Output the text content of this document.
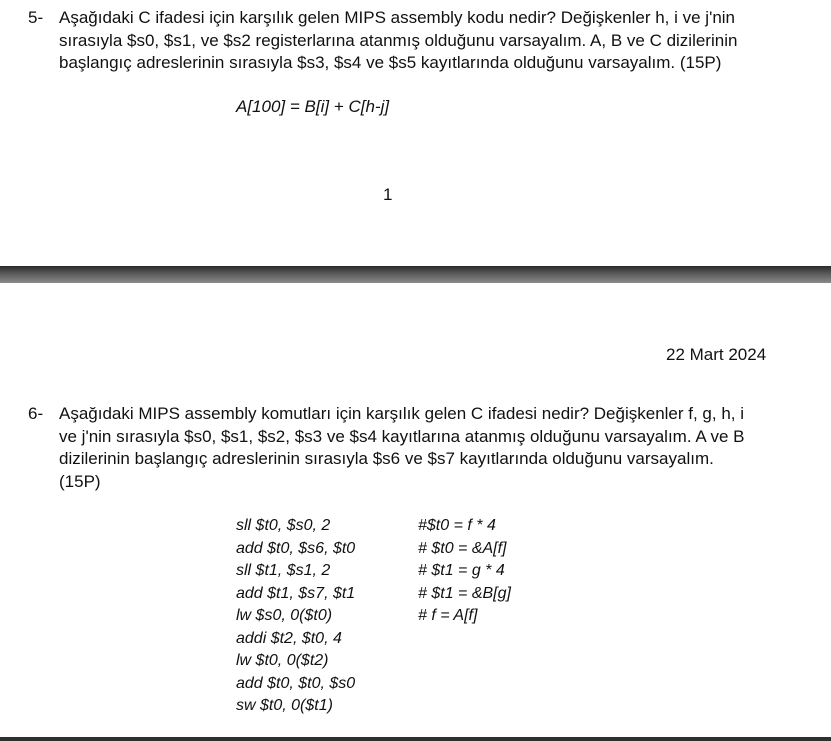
5- Aşağıdaki C ifadesi için karşılık gelen MIPS assembly kodu nedir? Değişkenler h, i ve j'nin
sırasıyla $s0, $s1, ve $s2 registerlarına atanmış olduğunu varsayalım. A, B ve C dizilerinin
başlangıç adreslerinin sırasıyla $s3, $s4 ve $s5 kayıtlarında olduğunu varsayalım. (15P)
A[100] = B[i] + C[h-j]
1
22 Mart 2024
6- Aşağıdaki MIPS assembly komutları için karşılık gelen C ifadesi nedir? Değişkenler f, g, h, i
ve j'nin sırasıyla $s0, $s1, $s2, $s3 ve $s4 kayıtlarına atanmış olduğunu varsayalım. A ve B
dizilerinin başlangıç adreslerinin sırasıyla $s6 ve $s7 kayıtlarında olduğunu varsayalım.
(15P)
sll $t0, $s0, 2
add $t0, $s6, $t0
sll $t1, $s1, 2
add $t1, $s7, $t1
lw $s0, 0($t0)
addi $t2, $t0, 4
lw $t0, 0($t2)
add $t0, $t0, $s0
sw $t0, 0($t1)
#$t0 = f * 4
# $t0 = &A[f]
# $t1 = g * 4
# $t1 = &B[g]
# f = A[f]
